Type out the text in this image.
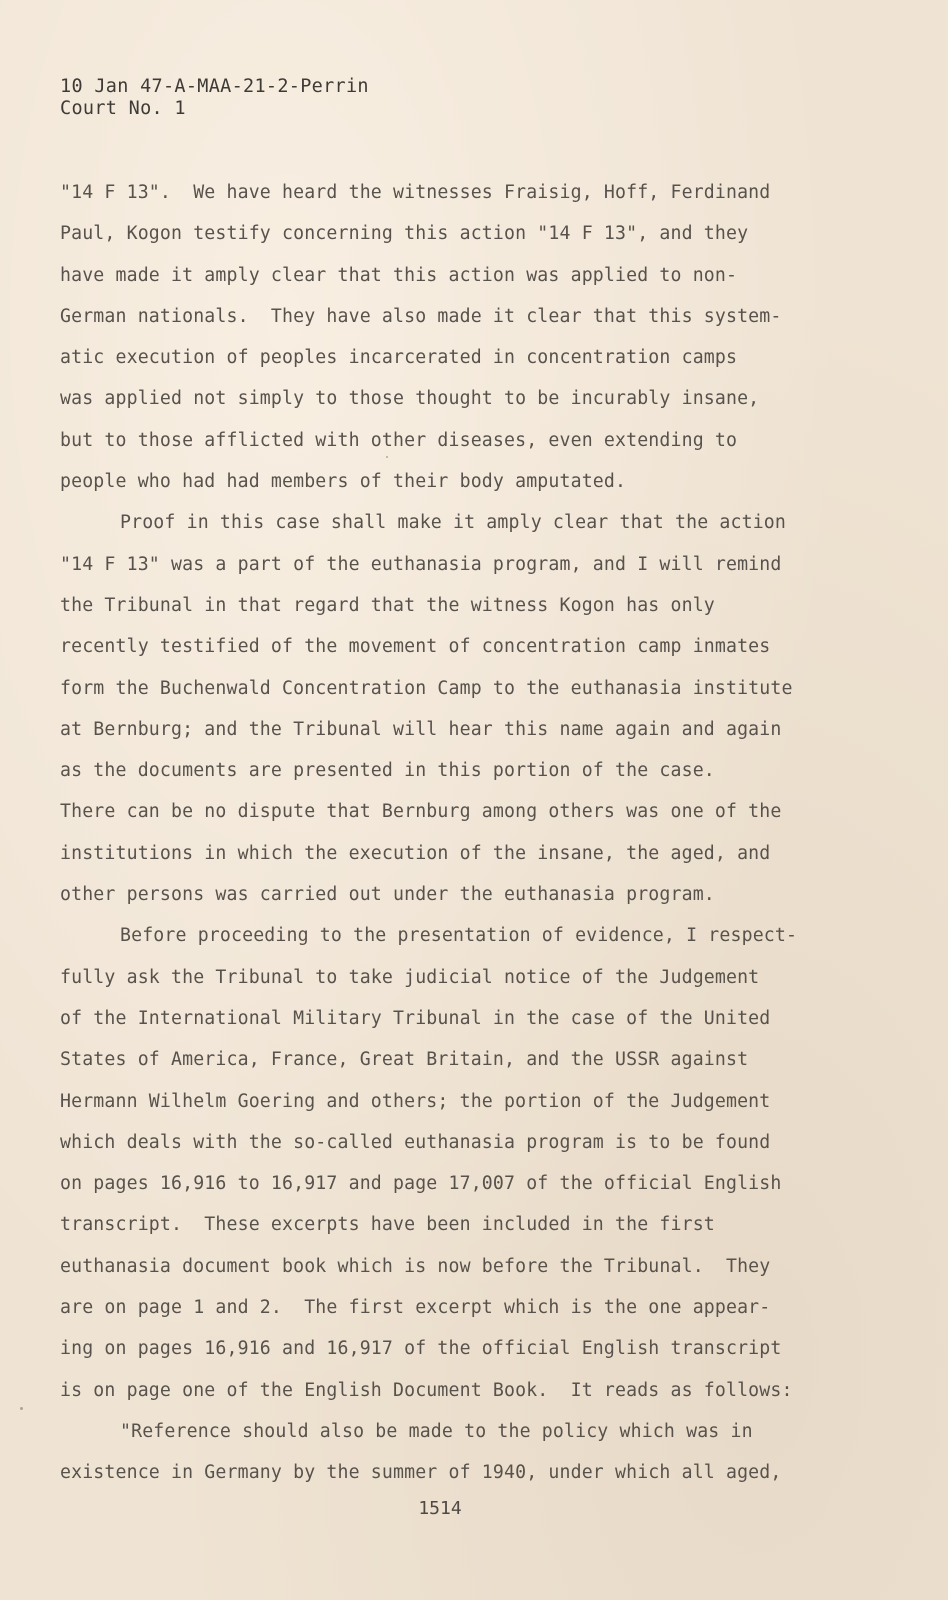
10 Jan 47-A-MAA-21-2-Perrin
Court No. 1
"14 F 13".  We have heard the witnesses Fraisig, Hoff, Ferdinand
Paul, Kogon testify concerning this action "14 F 13", and they
have made it amply clear that this action was applied to non-
German nationals.  They have also made it clear that this system-
atic execution of peoples incarcerated in concentration camps
was applied not simply to those thought to be incurably insane,
but to those afflicted with other diseases, even extending to
people who had had members of their body amputated.
Proof in this case shall make it amply clear that the action
"14 F 13" was a part of the euthanasia program, and I will remind
the Tribunal in that regard that the witness Kogon has only
recently testified of the movement of concentration camp inmates
form the Buchenwald Concentration Camp to the euthanasia institute
at Bernburg; and the Tribunal will hear this name again and again
as the documents are presented in this portion of the case.
There can be no dispute that Bernburg among others was one of the
institutions in which the execution of the insane, the aged, and
other persons was carried out under the euthanasia program.
Before proceeding to the presentation of evidence, I respect-
fully ask the Tribunal to take judicial notice of the Judgement
of the International Military Tribunal in the case of the United
States of America, France, Great Britain, and the USSR against
Hermann Wilhelm Goering and others; the portion of the Judgement
which deals with the so-called euthanasia program is to be found
on pages 16,916 to 16,917 and page 17,007 of the official English
transcript.  These excerpts have been included in the first
euthanasia document book which is now before the Tribunal.  They
are on page 1 and 2.  The first excerpt which is the one appear-
ing on pages 16,916 and 16,917 of the official English transcript
is on page one of the English Document Book.  It reads as follows:
"Reference should also be made to the policy which was in
existence in Germany by the summer of 1940, under which all aged,
1514
